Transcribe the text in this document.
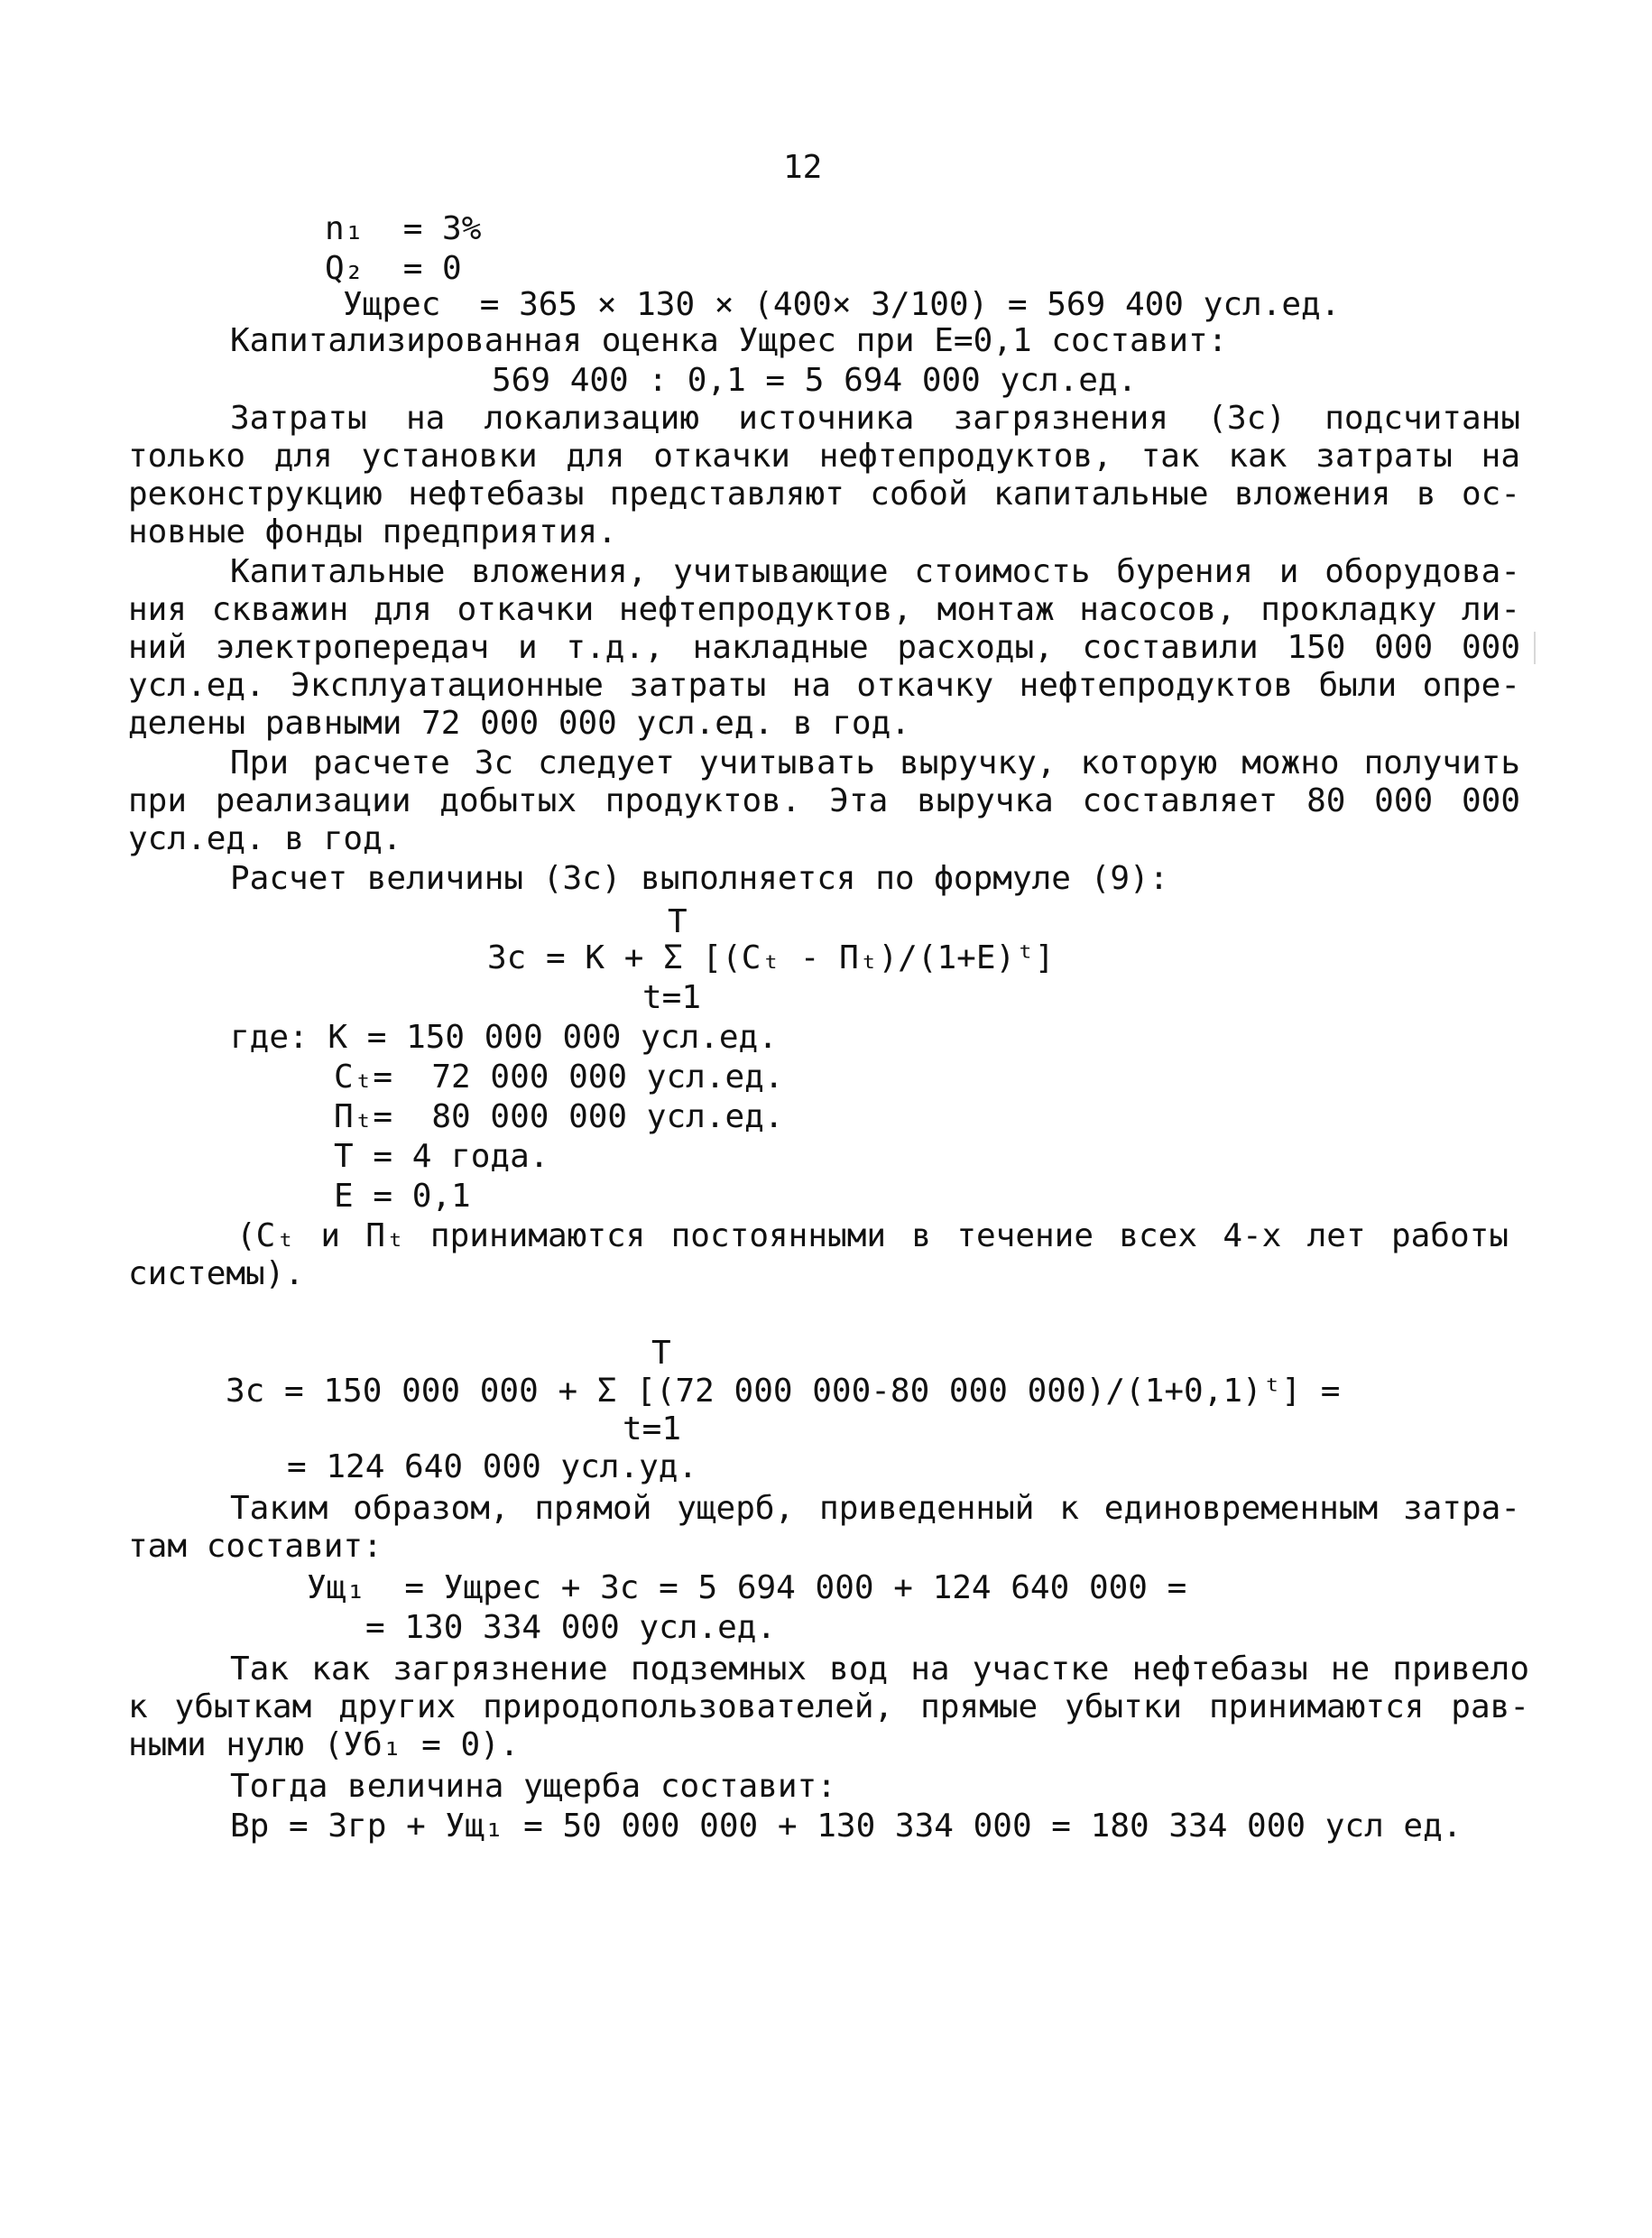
12
n₁  = 3%
Q₂  = 0
Ущрес  = 365 × 130 × (400× 3/100) = 569 400 усл.ед.
Капитализированная оценка Ущрес при Е=0,1 составит:
569 400 : 0,1 = 5 694 000 усл.ед.
Затраты на локализацию источника загрязнения (Зс) подсчитаны
только для установки для откачки нефтепродуктов, так как затраты на
реконструкцию нефтебазы представляют собой капитальные вложения в ос-
новные фонды предприятия.
Капитальные вложения, учитывающие стоимость бурения и оборудова-
ния скважин для откачки нефтепродуктов, монтаж насосов, прокладку ли-
ний электропередач и т.д., накладные расходы, составили 150 000 000
усл.ед. Эксплуатационные затраты на откачку нефтепродуктов были опре-
делены равными 72 000 000 усл.ед. в год.
При расчете Зс следует учитывать выручку, которую можно получить
при реализации добытых продуктов. Эта выручка составляет 80 000 000
усл.ед. в год.
Расчет величины (Зс) выполняется по формуле (9):
T
Зс = К + Σ [(Cₜ - Пₜ)/(1+E)ᵗ]
t=1
где: К = 150 000 000 усл.ед.
Cₜ=  72 000 000 усл.ед.
Пₜ=  80 000 000 усл.ед.
T = 4 года.
E = 0,1
(Cₜ и Пₜ принимаются постоянными в течение всех 4-х лет работы
системы).
T
Зс = 150 000 000 + Σ [(72 000 000-80 000 000)/(1+0,1)ᵗ] =
t=1
= 124 640 000 усл.уд.
Таким образом, прямой ущерб, приведенный к единовременным затра-
там составит:
Ущ₁  = Ущрес + Зс = 5 694 000 + 124 640 000 =
= 130 334 000 усл.ед.
Так как загрязнение подземных вод на участке нефтебазы не привело
к убыткам других природопользователей, прямые убытки принимаются рав-
ными нулю (Уб₁ = 0).
Тогда величина ущерба составит:
Вр = Згр + Ущ₁ = 50 000 000 + 130 334 000 = 180 334 000 усл ед.
